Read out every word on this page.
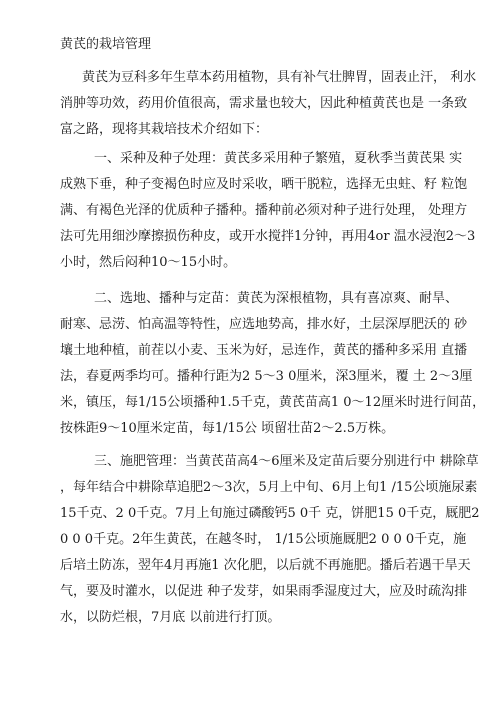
黄芪的栽培管理
黄芪为豆科多年生草本药用植物，具有补气壮脾胃，固表止汗， 利水
消肿等功效，药用价值很高，需求量也较大，因此种植黄芪也是 一条致
富之路，现将其栽培技术介绍如下：
一、采种及种子处理：黄芪多采用种子繁殖，夏秋季当黄芪果 实
成熟下垂，种子变褐色时应及时采收，晒干脱粒，选择无虫蛀、籽 粒饱
满、有褐色光泽的优质种子播种。播种前必须对种子进行处理， 处理方
法可先用细沙摩擦损伤种皮，或开水搅拌1分钟，再用4or 温水浸泡2～3
小时，然后闷种10～15小时。
二、选地、播种与定苗：黄芪为深根植物，具有喜凉爽、耐旱、
耐寒、忌涝、怕高温等特性，应选地势高，排水好，土层深厚肥沃的 砂
壤土地种植，前茬以小麦、玉米为好，忌连作，黄芪的播种多采用 直播
法，春夏两季均可。播种行距为2 5～3 0厘米，深3厘米，覆 土 2～3厘
米，镇压，每1/15公顷播种1.5千克，黄芪苗高1 0～12厘米时进行间苗，
按株距9～10厘米定苗，每1/15公 顷留壮苗2～2.5万株。
三、施肥管理：当黄芪苗高4～6厘米及定苗后要分别进行中 耕除草
，每年结合中耕除草追肥2～3次，5月上中旬、6月上旬1 /15公顷施尿素
15千克、2 0千克。7月上旬施过磷酸钙5 0千 克，饼肥15 0千克，厩肥2
0 0 0千克。2年生黄芪，在越冬时， 1/15公顷施厩肥2 0 0 0千克，施
后培土防冻，翌年4月再施1 次化肥，以后就不再施肥。播后若遇干旱天
气，要及时灌水，以促进 种子发芽，如果雨季湿度过大，应及时疏沟排
水，以防烂根，7月底 以前进行打顶。
